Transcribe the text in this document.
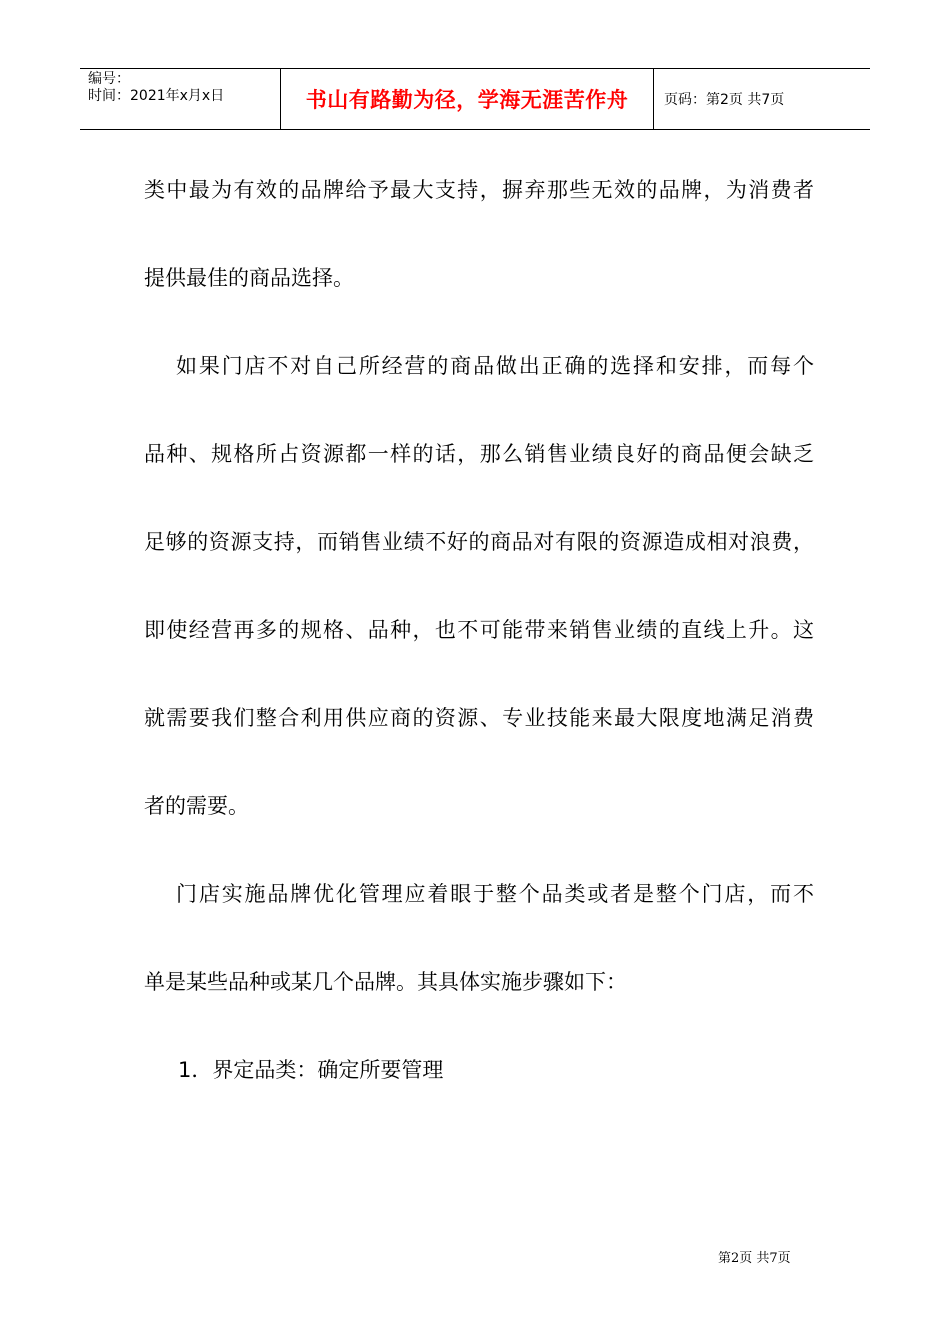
编号：
时间：2021年x月x日	书山有路勤为径，学海无涯苦作舟	页码：第2页 共7页
类中最为有效的品牌给予最大支持，摒弃那些无效的品牌，为消费者
提供最佳的商品选择。
如果门店不对自己所经营的商品做出正确的选择和安排，而每个
品种、规格所占资源都一样的话，那么销售业绩良好的商品便会缺乏
足够的资源支持，而销售业绩不好的商品对有限的资源造成相对浪费，
即使经营再多的规格、品种，也不可能带来销售业绩的直线上升。这
就需要我们整合利用供应商的资源、专业技能来最大限度地满足消费
者的需要。
门店实施品牌优化管理应着眼于整个品类或者是整个门店，而不
单是某些品种或某几个品牌。其具体实施步骤如下：
1．界定品类：确定所要管理
第2页 共7页
